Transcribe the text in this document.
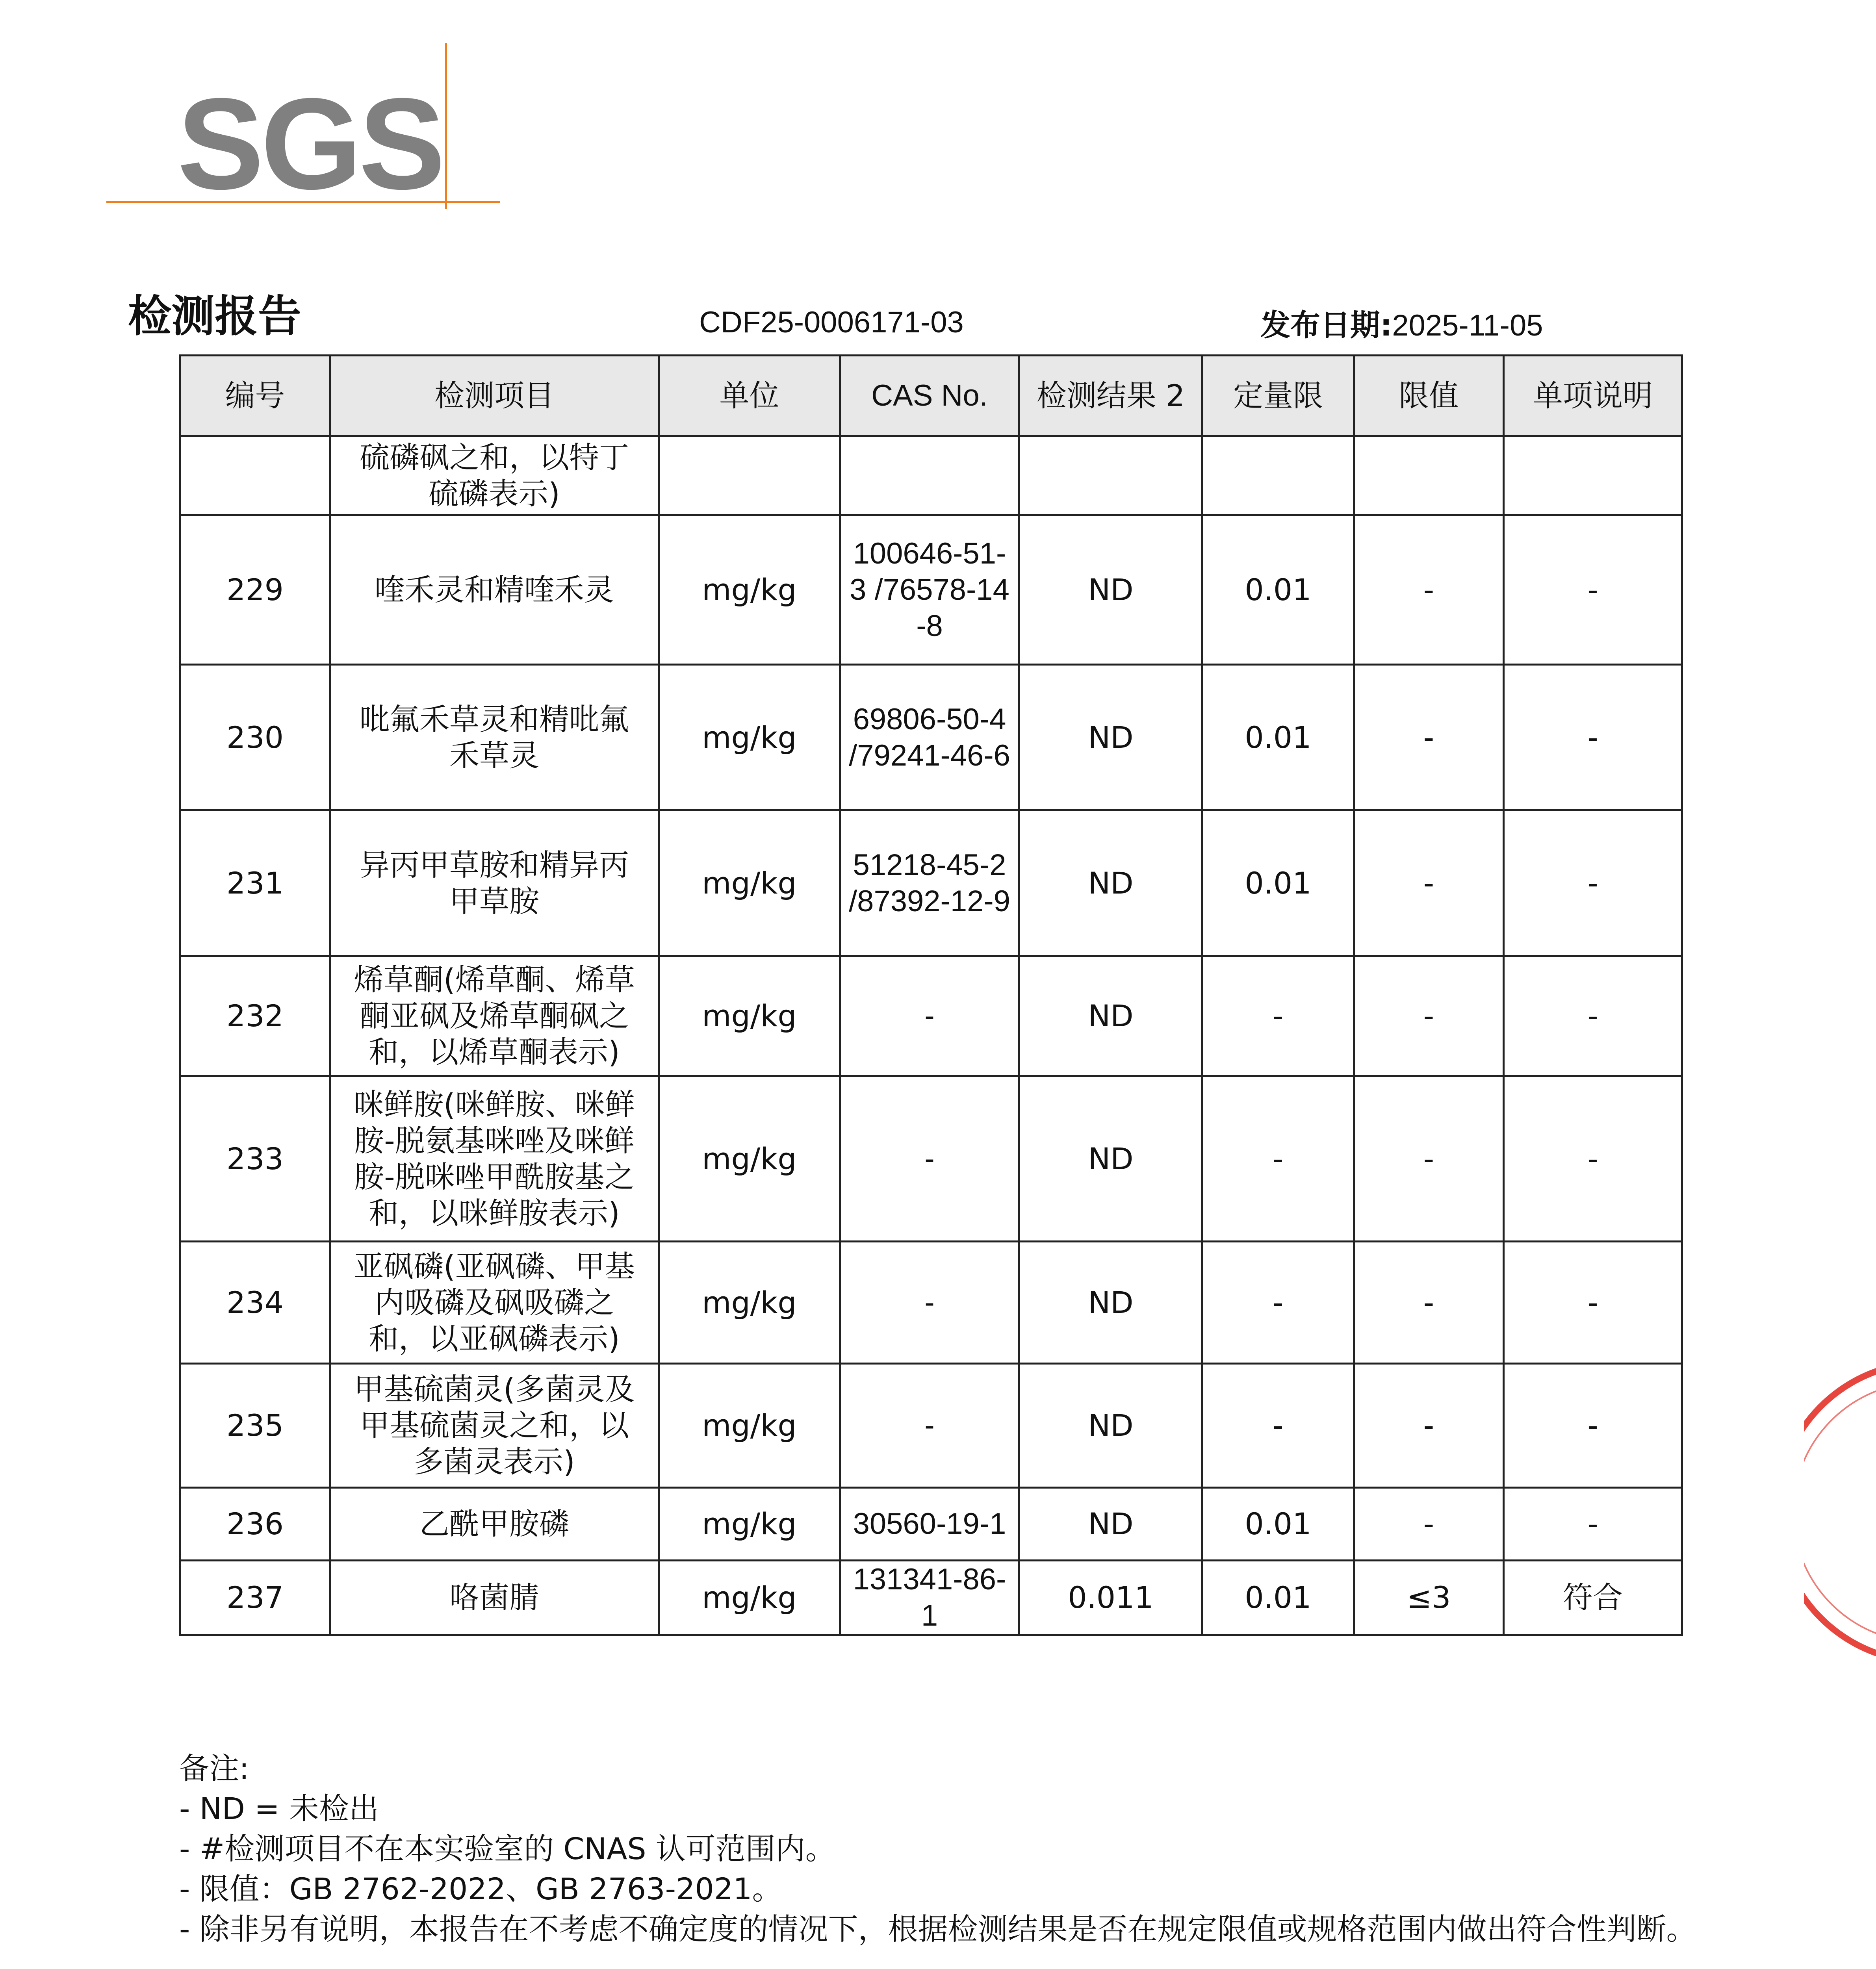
SGS
检测报告	CDF25-0006171-03	发布日期:2025-11-05
编号	检测项目	单位	CAS No.	检测结果 2	定量限	限值	单项说明
	硫磷砜之和，以特丁硫磷表示)						
229	喹禾灵和精喹禾灵	mg/kg	100646-51-3 /76578-14-8	ND	0.01	-	-
230	吡氟禾草灵和精吡氟禾草灵	mg/kg	69806-50-4 /79241-46-6	ND	0.01	-	-
231	异丙甲草胺和精异丙甲草胺	mg/kg	51218-45-2 /87392-12-9	ND	0.01	-	-
232	烯草酮(烯草酮、烯草酮亚砜及烯草酮砜之和，以烯草酮表示)	mg/kg	-	ND	-	-	-
233	咪鲜胺(咪鲜胺、咪鲜胺-脱氨基咪唑及咪鲜胺-脱咪唑甲酰胺基之和，以咪鲜胺表示)	mg/kg	-	ND	-	-	-
234	亚砜磷(亚砜磷、甲基内吸磷及砜吸磷之和，以亚砜磷表示)	mg/kg	-	ND	-	-	-
235	甲基硫菌灵(多菌灵及甲基硫菌灵之和，以多菌灵表示)	mg/kg	-	ND	-	-	-
236	乙酰甲胺磷	mg/kg	30560-19-1	ND	0.01	-	-
237	咯菌腈	mg/kg	131341-86-1	0.011	0.01	≤3	符合

备注:

- ND = 未检出

- #检测项目不在本实验室的 CNAS 认可范围内。

- 限值：GB 2762-2022、GB 2763-2021。

- 除非另有说明，本报告在不考虑不确定度的情况下，根据检测结果是否在规定限值或规格范围内做出符合性判断。
